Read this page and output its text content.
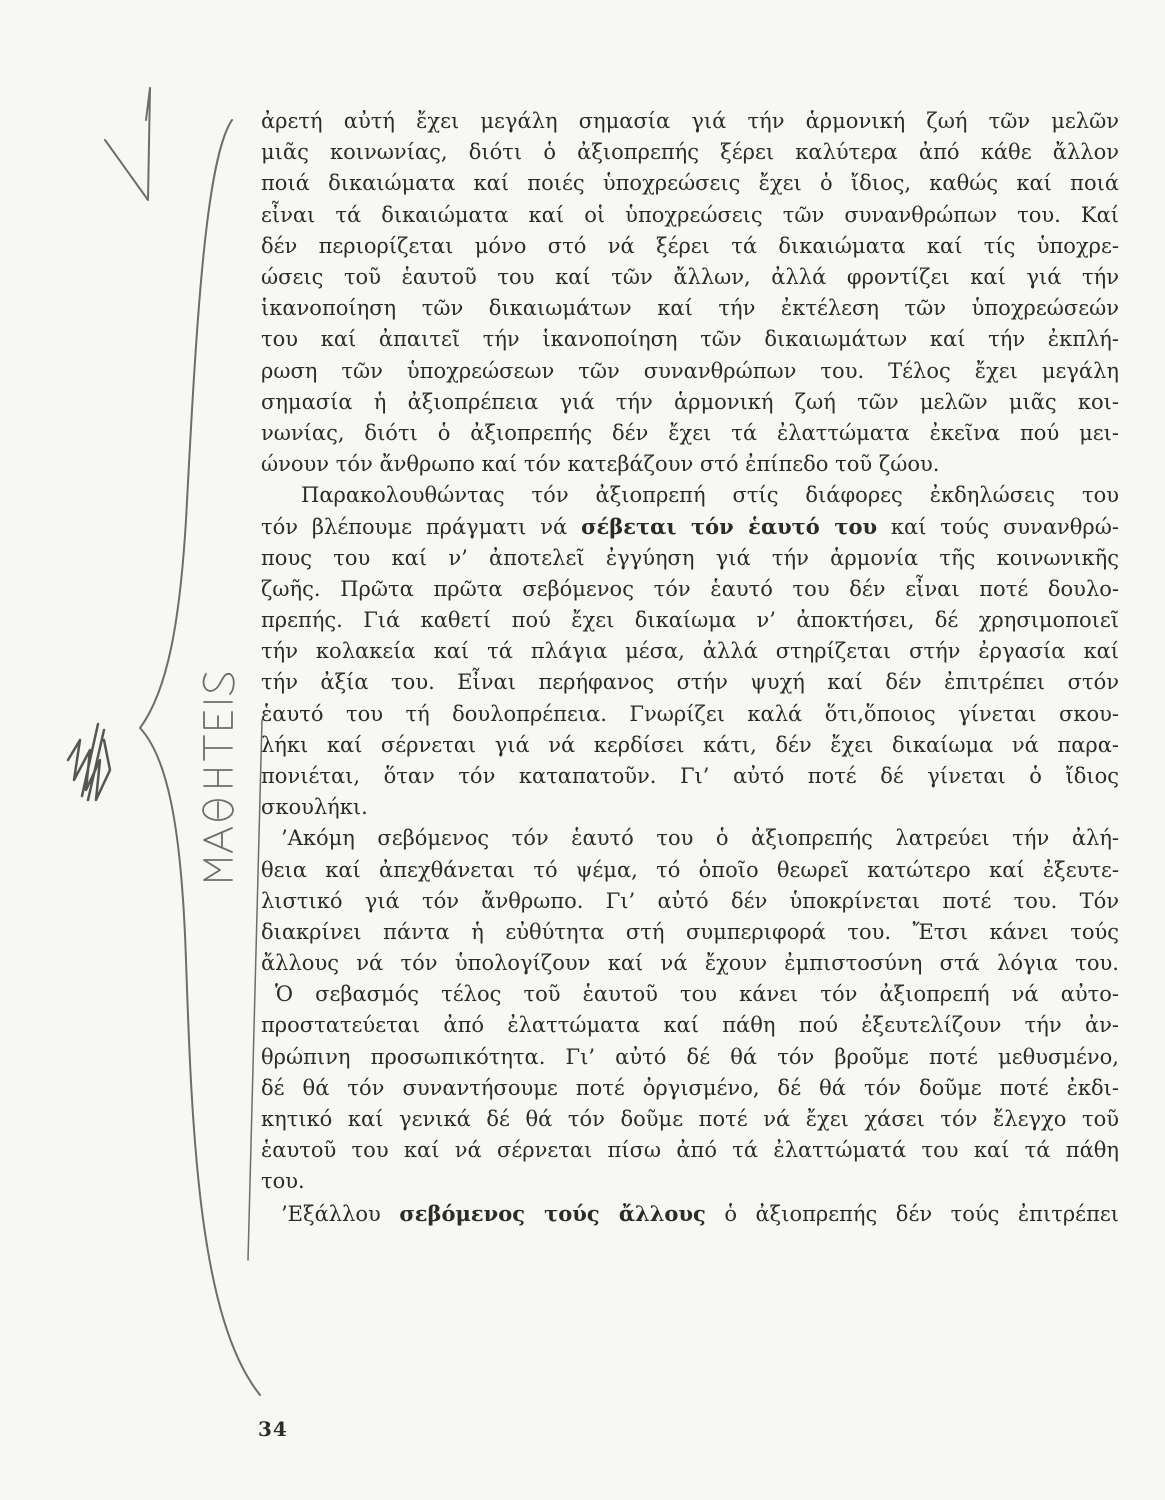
ἀρετή αὐτή ἔχει μεγάλη σημασία γιά τήν ἁρμονική ζωή τῶν μελῶν
μιᾶς κοινωνίας, διότι ὁ ἀξιοπρεπής ξέρει καλύτερα ἀπό κάθε ἄλλον
ποιά δικαιώματα καί ποιές ὑποχρεώσεις ἔχει ὁ ἴδιος, καθώς καί ποιά
εἶναι τά δικαιώματα καί οἱ ὑποχρεώσεις τῶν συνανθρώπων του. Καί
δέν περιορίζεται μόνο στό νά ξέρει τά δικαιώματα καί τίς ὑποχρε-
ώσεις τοῦ ἑαυτοῦ του καί τῶν ἄλλων, ἀλλά φροντίζει καί γιά τήν
ἱκανοποίηση τῶν δικαιωμάτων καί τήν ἐκτέλεση τῶν ὑποχρεώσεών
του καί ἀπαιτεῖ τήν ἱκανοποίηση τῶν δικαιωμάτων καί τήν ἐκπλή-
ρωση τῶν ὑποχρεώσεων τῶν συνανθρώπων του. Τέλος ἔχει μεγάλη
σημασία ἡ ἀξιοπρέπεια γιά τήν ἁρμονική ζωή τῶν μελῶν μιᾶς κοι-
νωνίας, διότι ὁ ἀξιοπρεπής δέν ἔχει τά ἐλαττώματα ἐκεῖνα πού μει-
ώνουν τόν ἄνθρωπο καί τόν κατεβάζουν στό ἐπίπεδο τοῦ ζώου.
Παρακολουθώντας τόν ἀξιοπρεπή στίς διάφορες ἐκδηλώσεις του
τόν βλέπουμε πράγματι νά σέβεται τόν ἑαυτό του καί τούς συνανθρώ-
πους του καί ν’ ἀποτελεῖ ἐγγύηση γιά τήν ἁρμονία τῆς κοινωνικῆς
ζωῆς. Πρῶτα πρῶτα σεβόμενος τόν ἑαυτό του δέν εἶναι ποτέ δουλο-
πρεπής. Γιά καθετί πού ἔχει δικαίωμα ν’ ἀποκτήσει, δέ χρησιμοποιεῖ
τήν κολακεία καί τά πλάγια μέσα, ἀλλά στηρίζεται στήν ἐργασία καί
τήν ἀξία του. Εἶναι περήφανος στήν ψυχή καί δέν ἐπιτρέπει στόν
ἑαυτό του τή δουλοπρέπεια. Γνωρίζει καλά ὅτι,ὅποιος γίνεται σκου-
λήκι καί σέρνεται γιά νά κερδίσει κάτι, δέν ἔχει δικαίωμα νά παρα-
πονιέται, ὅταν τόν καταπατοῦν. Γι’ αὐτό ποτέ δέ γίνεται ὁ ἴδιος
σκουλήκι.
’Ακόμη σεβόμενος τόν ἑαυτό του ὁ ἀξιοπρεπής λατρεύει τήν ἀλή-
θεια καί ἀπεχθάνεται τό ψέμα, τό ὁποῖο θεωρεῖ κατώτερο καί ἐξευτε-
λιστικό γιά τόν ἄνθρωπο. Γι’ αὐτό δέν ὑποκρίνεται ποτέ του. Τόν
διακρίνει πάντα ἡ εὐθύτητα στή συμπεριφορά του. Ἔτσι κάνει τούς
ἄλλους νά τόν ὑπολογίζουν καί νά ἔχουν ἐμπιστοσύνη στά λόγια του.
Ὁ σεβασμός τέλος τοῦ ἑαυτοῦ του κάνει τόν ἀξιοπρεπή νά αὐτο-
προστατεύεται ἀπό ἐλαττώματα καί πάθη πού ἐξευτελίζουν τήν ἀν-
θρώπινη προσωπικότητα. Γι’ αὐτό δέ θά τόν βροῦμε ποτέ μεθυσμένο,
δέ θά τόν συναντήσουμε ποτέ ὀργισμένο, δέ θά τόν δοῦμε ποτέ ἐκδι-
κητικό καί γενικά δέ θά τόν δοῦμε ποτέ νά ἔχει χάσει τόν ἔλεγχο τοῦ
ἑαυτοῦ του καί νά σέρνεται πίσω ἀπό τά ἐλαττώματά του καί τά πάθη
του.
’Εξάλλου σεβόμενος τούς ἄλλους ὁ ἀξιοπρεπής δέν τούς ἐπιτρέπει
34
